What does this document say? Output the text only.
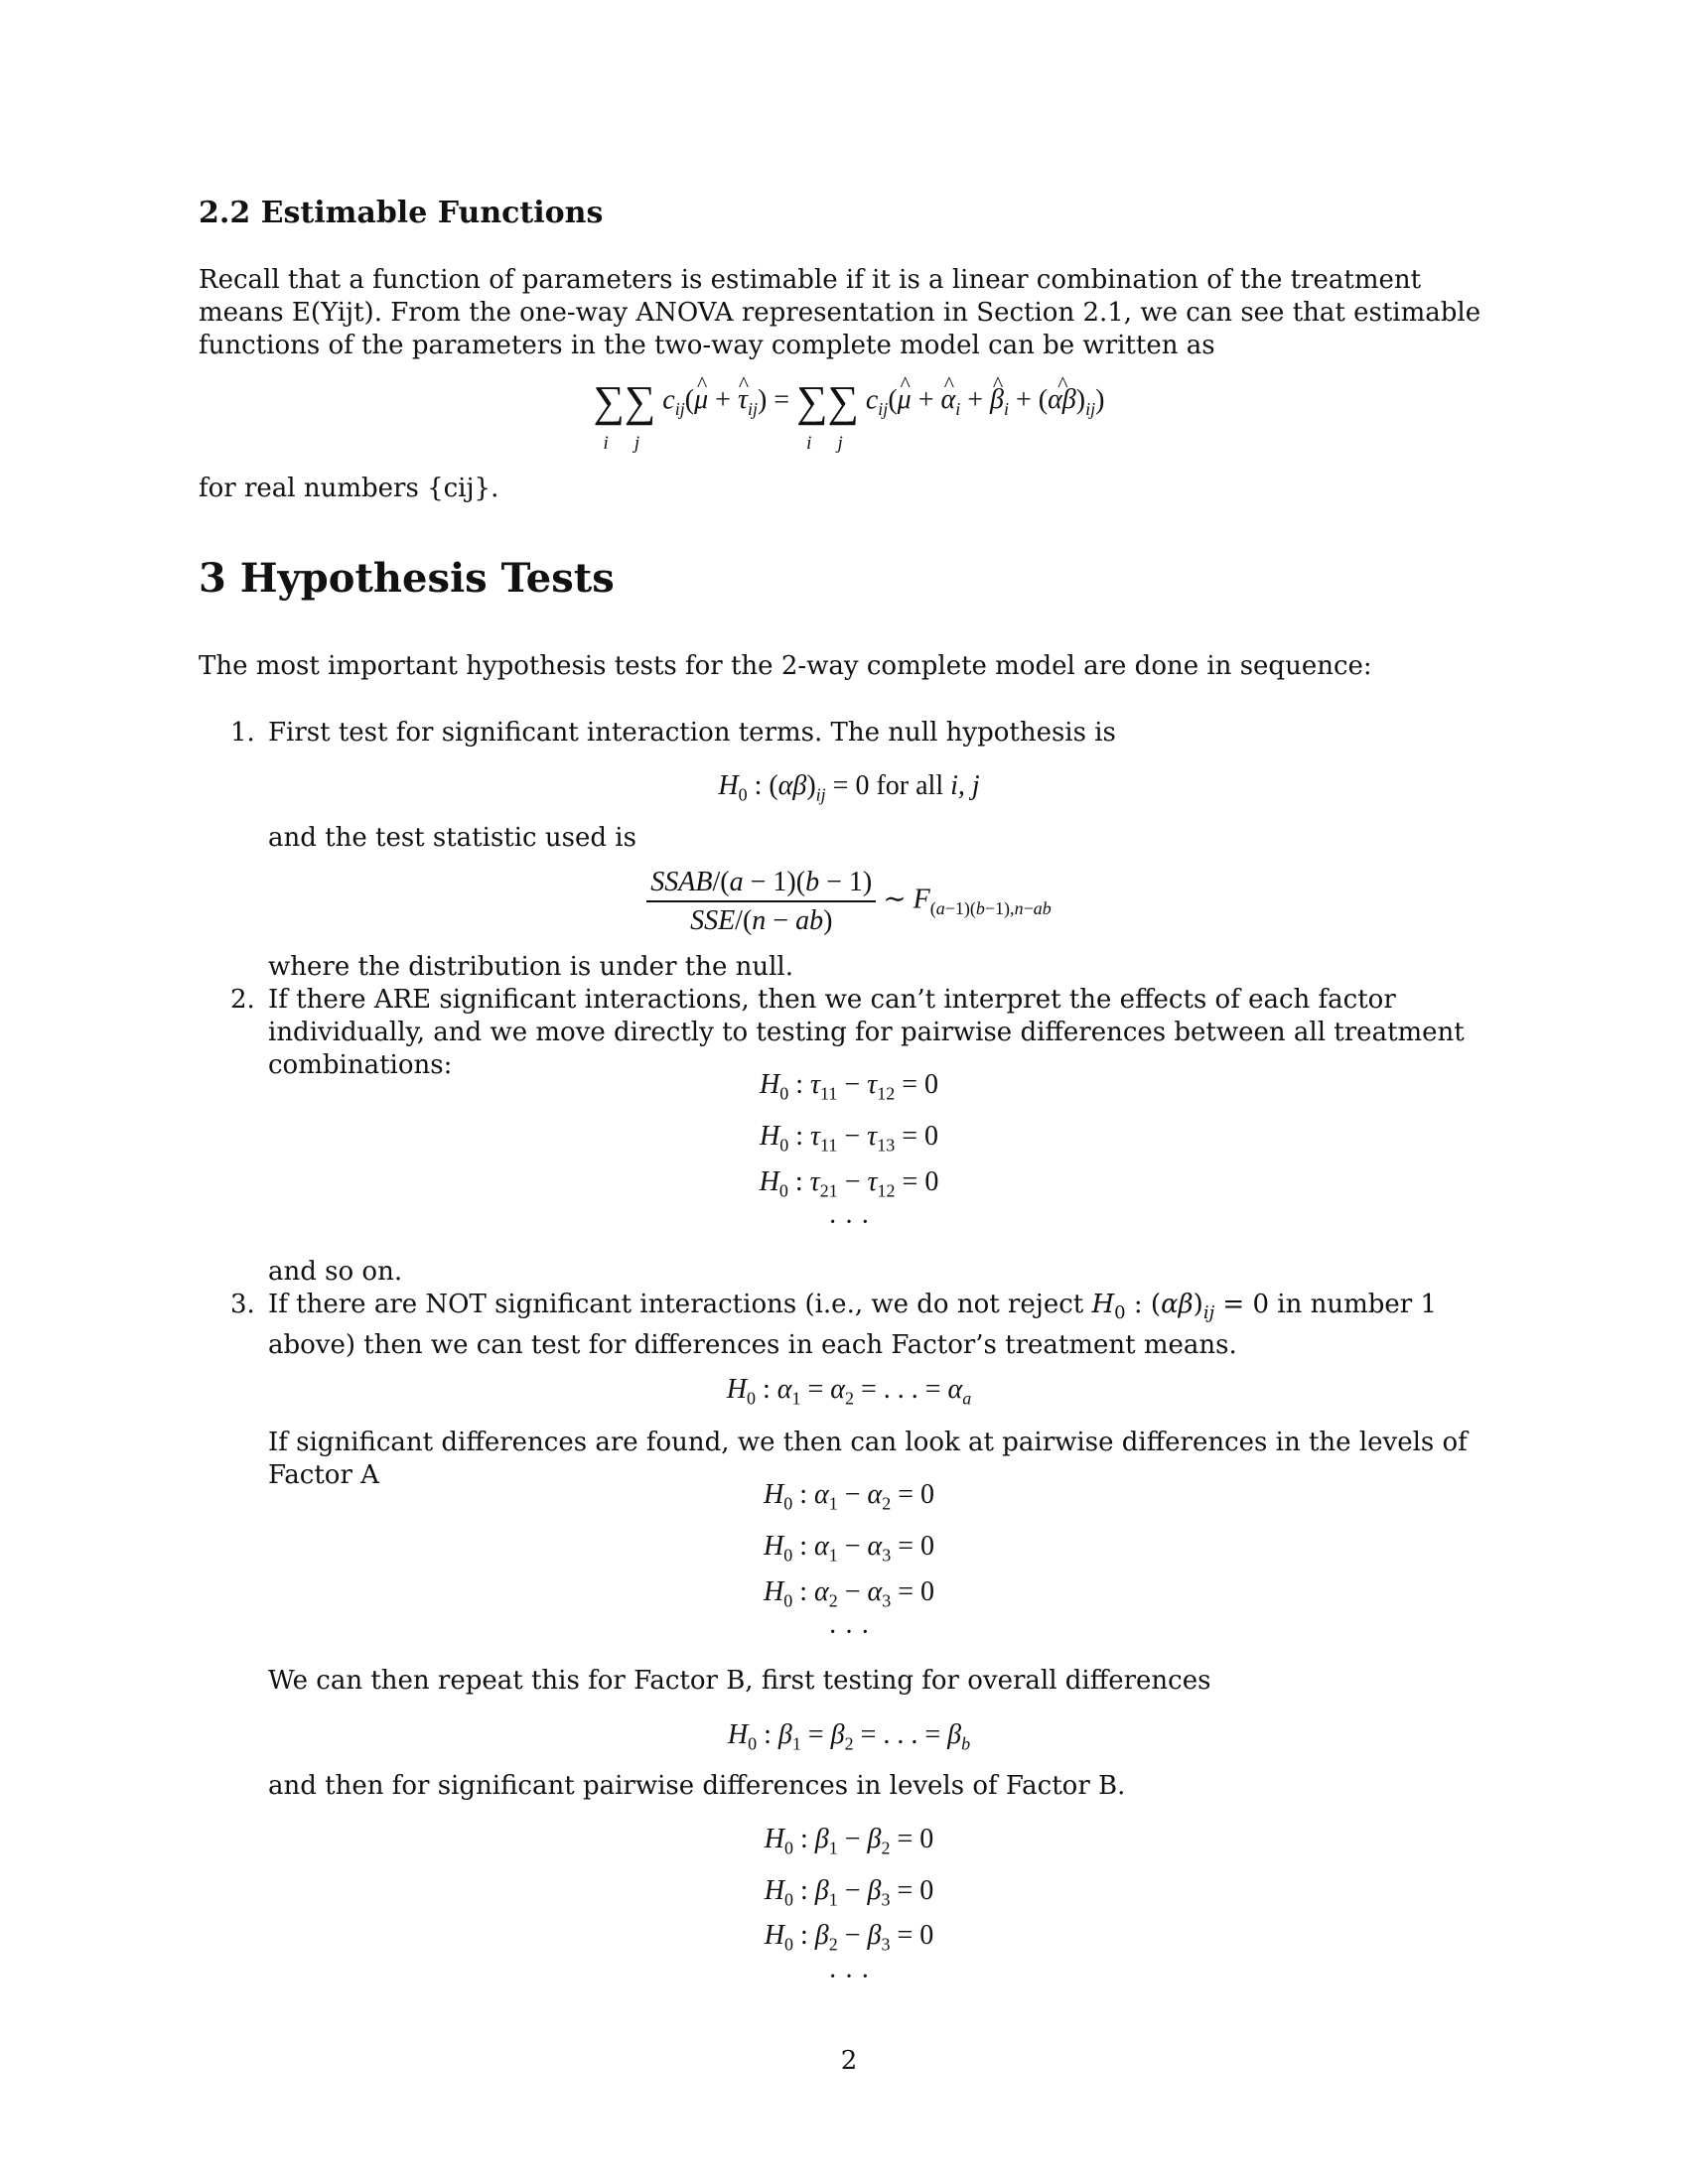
2.2 Estimable Functions
Recall that a function of parameters is estimable if it is a linear combination of the treatment means E(Yijt). From the one-way ANOVA representation in Section 2.1, we can see that estimable functions of the parameters in the two-way complete model can be written as
∑
i
∑
j
$c_{ij}(\^{}$ μ + ^ $\tau_{ij}$) = ∑
i
∑
j
$c_{ij}(\^{}$ μ + ^ $\alpha_i$ + ^ $\beta_i$ + (^ $\alpha\beta)_{ij}$)
for real numbers {cij}.
3 Hypothesis Tests
The most important hypothesis tests for the 2-way complete model are done in sequence:
1. First test for significant interaction terms. The null hypothesis is
$H_0$ : $(\alpha\beta)_{ij} = 0$ for all i, j
and the test statistic used is
$\frac{\text{SSAB/(a − 1)(b − 1)}}{\text{SSE/(n − ab)}}$ ∼ $F_{(a-1)(b-1),n-ab}$
where the distribution is under the null.
2. If there ARE significant interactions, then we can’t interpret the effects of each factor individually, and we move directly to testing for pairwise differences between all treatment combinations:
$H_0$ : $\tau_{11} - \tau_{12} = 0$
$H_0$ : $\tau_{11} - \tau_{13} = 0$
$H_0$ : $\tau_{21} - \tau_{12} = 0$
· · ·
and so on.
3. If there are NOT significant interactions (i.e., we do not reject $H_0$ : $(\alpha\beta)_{ij} = 0$ in number 1 above) then we can test for differences in each Factor’s treatment means.
$H_0$ : $\alpha_1 = \alpha_2$ = . . . = $\alpha_a$
If significant differences are found, we then can look at pairwise differences in the levels of Factor A
$H_0$ : $\alpha_1 - \alpha_2 = 0$
$H_0$ : $\alpha_1 - \alpha_3 = 0$
$H_0$ : $\alpha_2 - \alpha_3 = 0$
· · ·
We can then repeat this for Factor B, first testing for overall differences
$H_0$ : $\beta_1 = \beta_2$ = . . . = $\beta_b$
and then for significant pairwise differences in levels of Factor B.
$H_0$ : $\beta_1 - \beta_2 = 0$
$H_0$ : $\beta_1 - \beta_3 = 0$
$H_0$ : $\beta_2 - \beta_3 = 0$
· · ·
2
